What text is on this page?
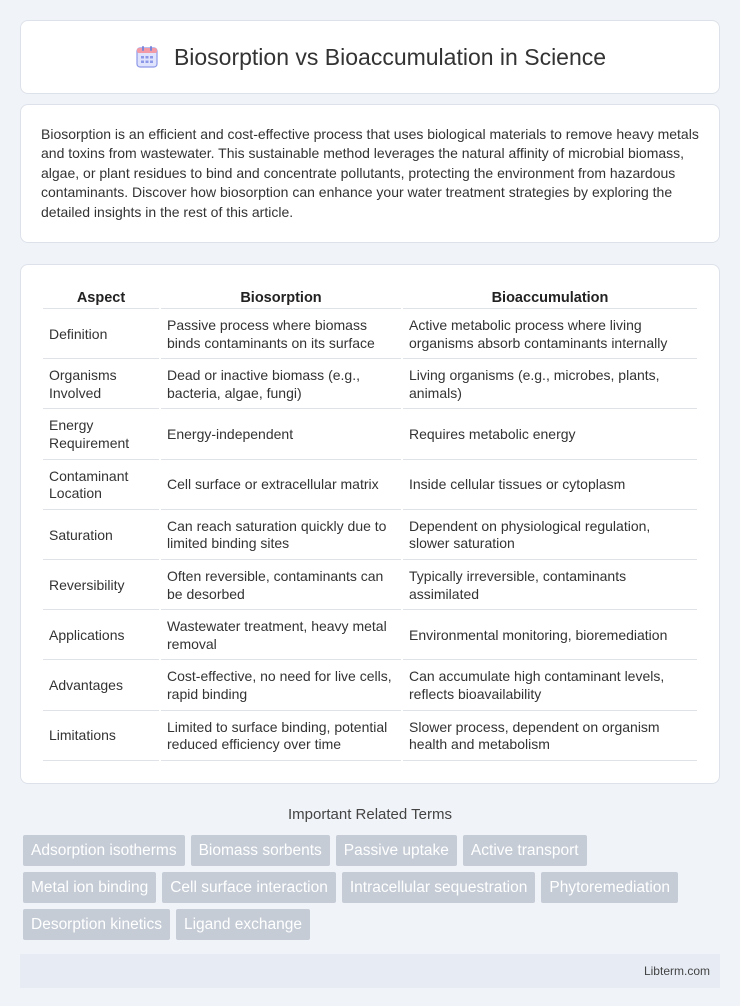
Biosorption vs Bioaccumulation in Science

Biosorption is an efficient and cost-effective process that uses biological materials to remove heavy metals and toxins from wastewater. This sustainable method leverages the natural affinity of microbial biomass, algae, or plant residues to bind and concentrate pollutants, protecting the environment from hazardous contaminants. Discover how biosorption can enhance your water treatment strategies by exploring the detailed insights in the rest of this article.

Aspect	Biosorption	Bioaccumulation
Definition	Passive process where biomass binds contaminants on its surface	Active metabolic process where living organisms absorb contaminants internally
Organisms Involved	Dead or inactive biomass (e.g., bacteria, algae, fungi)	Living organisms (e.g., microbes, plants, animals)
Energy Requirement	Energy-independent	Requires metabolic energy
Contaminant Location	Cell surface or extracellular matrix	Inside cellular tissues or cytoplasm
Saturation	Can reach saturation quickly due to limited binding sites	Dependent on physiological regulation, slower saturation
Reversibility	Often reversible, contaminants can be desorbed	Typically irreversible, contaminants assimilated
Applications	Wastewater treatment, heavy metal removal	Environmental monitoring, bioremediation
Advantages	Cost-effective, no need for live cells, rapid binding	Can accumulate high contaminant levels, reflects bioavailability
Limitations	Limited to surface binding, potential reduced efficiency over time	Slower process, dependent on organism health and metabolism
Important Related Terms
Adsorption isotherms	Biomass sorbents	Passive uptake	Active transport
Metal ion binding	Cell surface interaction	Intracellular sequestration	Phytoremediation
Desorption kinetics	Ligand exchange
Libterm.com
